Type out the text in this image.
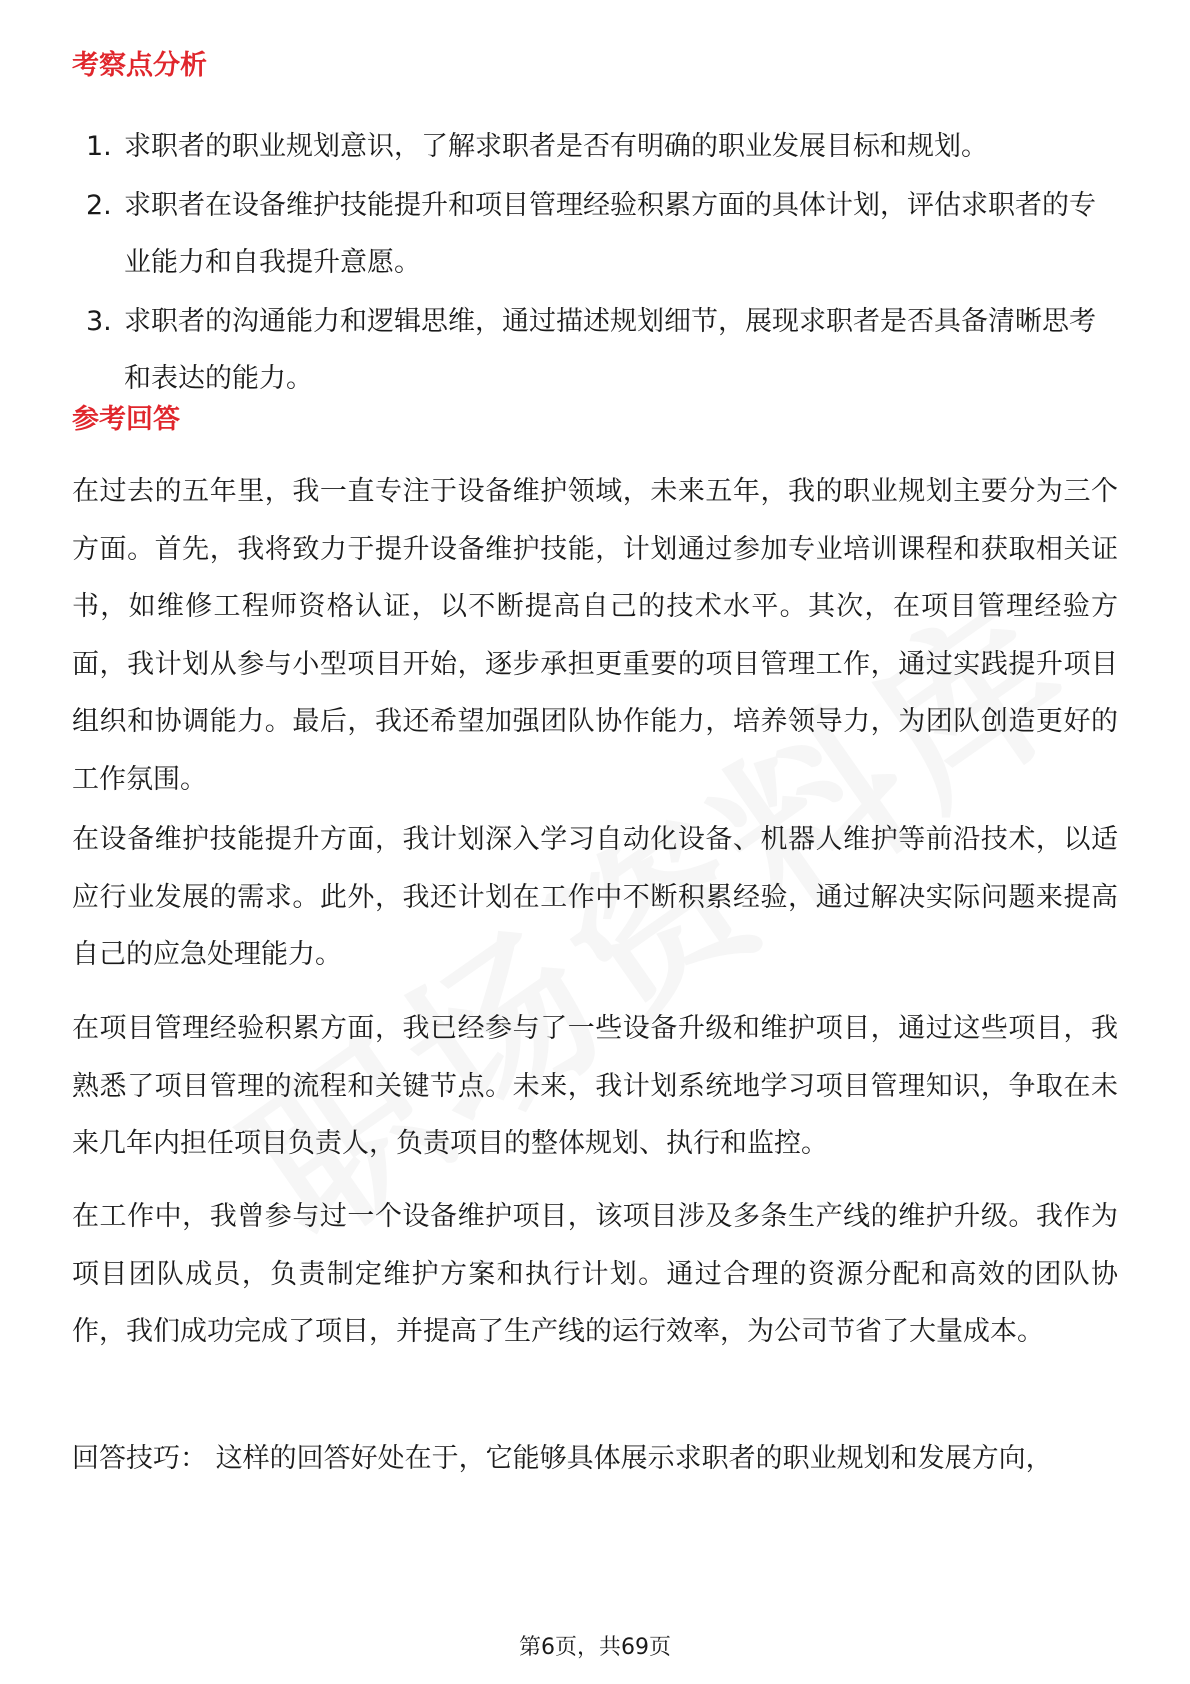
考察点分析
1. 求职者的职业规划意识，了解求职者是否有明确的职业发展目标和规划。
2. 求职者在设备维护技能提升和项目管理经验积累方面的具体计划，评估求职者的专业能力和自我提升意愿。
3. 求职者的沟通能力和逻辑思维，通过描述规划细节，展现求职者是否具备清晰思考和表达的能力。
参考回答

在过去的五年里，我一直专注于设备维护领域，未来五年，我的职业规划主要分为三个方面。首先，我将致力于提升设备维护技能，计划通过参加专业培训课程和获取相关证书，如维修工程师资格认证，以不断提高自己的技术水平。其次，在项目管理经验方面，我计划从参与小型项目开始，逐步承担更重要的项目管理工作，通过实践提升项目组织和协调能力。最后，我还希望加强团队协作能力，培养领导力，为团队创造更好的工作氛围。

在设备维护技能提升方面，我计划深入学习自动化设备、机器人维护等前沿技术，以适应行业发展的需求。此外，我还计划在工作中不断积累经验，通过解决实际问题来提高自己的应急处理能力。

在项目管理经验积累方面，我已经参与了一些设备升级和维护项目，通过这些项目，我熟悉了项目管理的流程和关键节点。未来，我计划系统地学习项目管理知识，争取在未来几年内担任项目负责人，负责项目的整体规划、执行和监控。

在工作中，我曾参与过一个设备维护项目，该项目涉及多条生产线的维护升级。我作为项目团队成员，负责制定维护方案和执行计划。通过合理的资源分配和高效的团队协作，我们成功完成了项目，并提高了生产线的运行效率，为公司节省了大量成本。

回答技巧： 这样的回答好处在于，它能够具体展示求职者的职业规划和发展方向，

第6页，共69页
